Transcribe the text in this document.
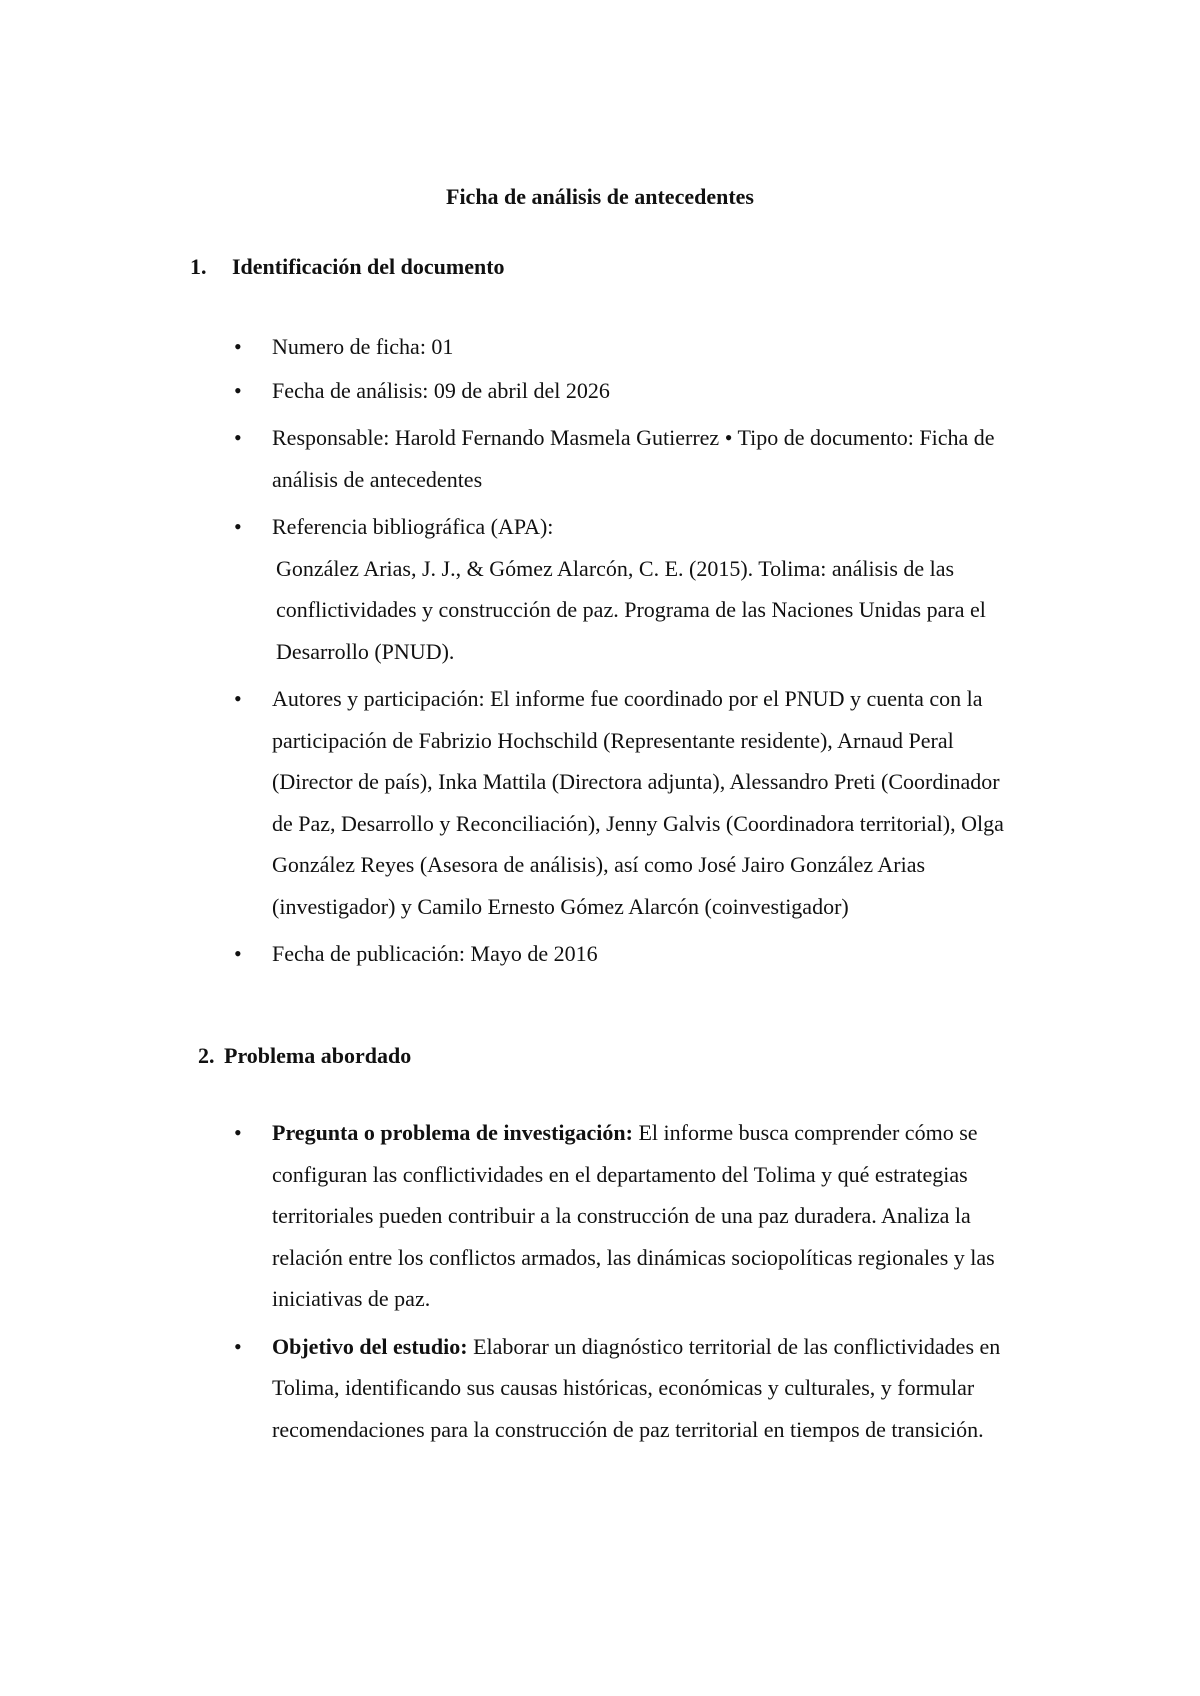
Ficha de análisis de antecedentes
1. Identificación del documento
• Numero de ficha: 01
• Fecha de análisis: 09 de abril del 2026
• Responsable: Harold Fernando Masmela Gutierrez • Tipo de documento: Ficha de análisis de antecedentes
• Referencia bibliográfica (APA):
González Arias, J. J., & Gómez Alarcón, C. E. (2015). Tolima: análisis de las conflictividades y construcción de paz. Programa de las Naciones Unidas para el Desarrollo (PNUD).
• Autores y participación: El informe fue coordinado por el PNUD y cuenta con la participación de Fabrizio Hochschild (Representante residente), Arnaud Peral (Director de país), Inka Mattila (Directora adjunta), Alessandro Preti (Coordinador de Paz, Desarrollo y Reconciliación), Jenny Galvis (Coordinadora territorial), Olga González Reyes (Asesora de análisis), así como José Jairo González Arias (investigador) y Camilo Ernesto Gómez Alarcón (coinvestigador)
• Fecha de publicación: Mayo de 2016
2. Problema abordado
• Pregunta o problema de investigación: El informe busca comprender cómo se configuran las conflictividades en el departamento del Tolima y qué estrategias territoriales pueden contribuir a la construcción de una paz duradera. Analiza la relación entre los conflictos armados, las dinámicas sociopolíticas regionales y las iniciativas de paz.
• Objetivo del estudio: Elaborar un diagnóstico territorial de las conflictividades en Tolima, identificando sus causas históricas, económicas y culturales, y formular recomendaciones para la construcción de paz territorial en tiempos de transición.
